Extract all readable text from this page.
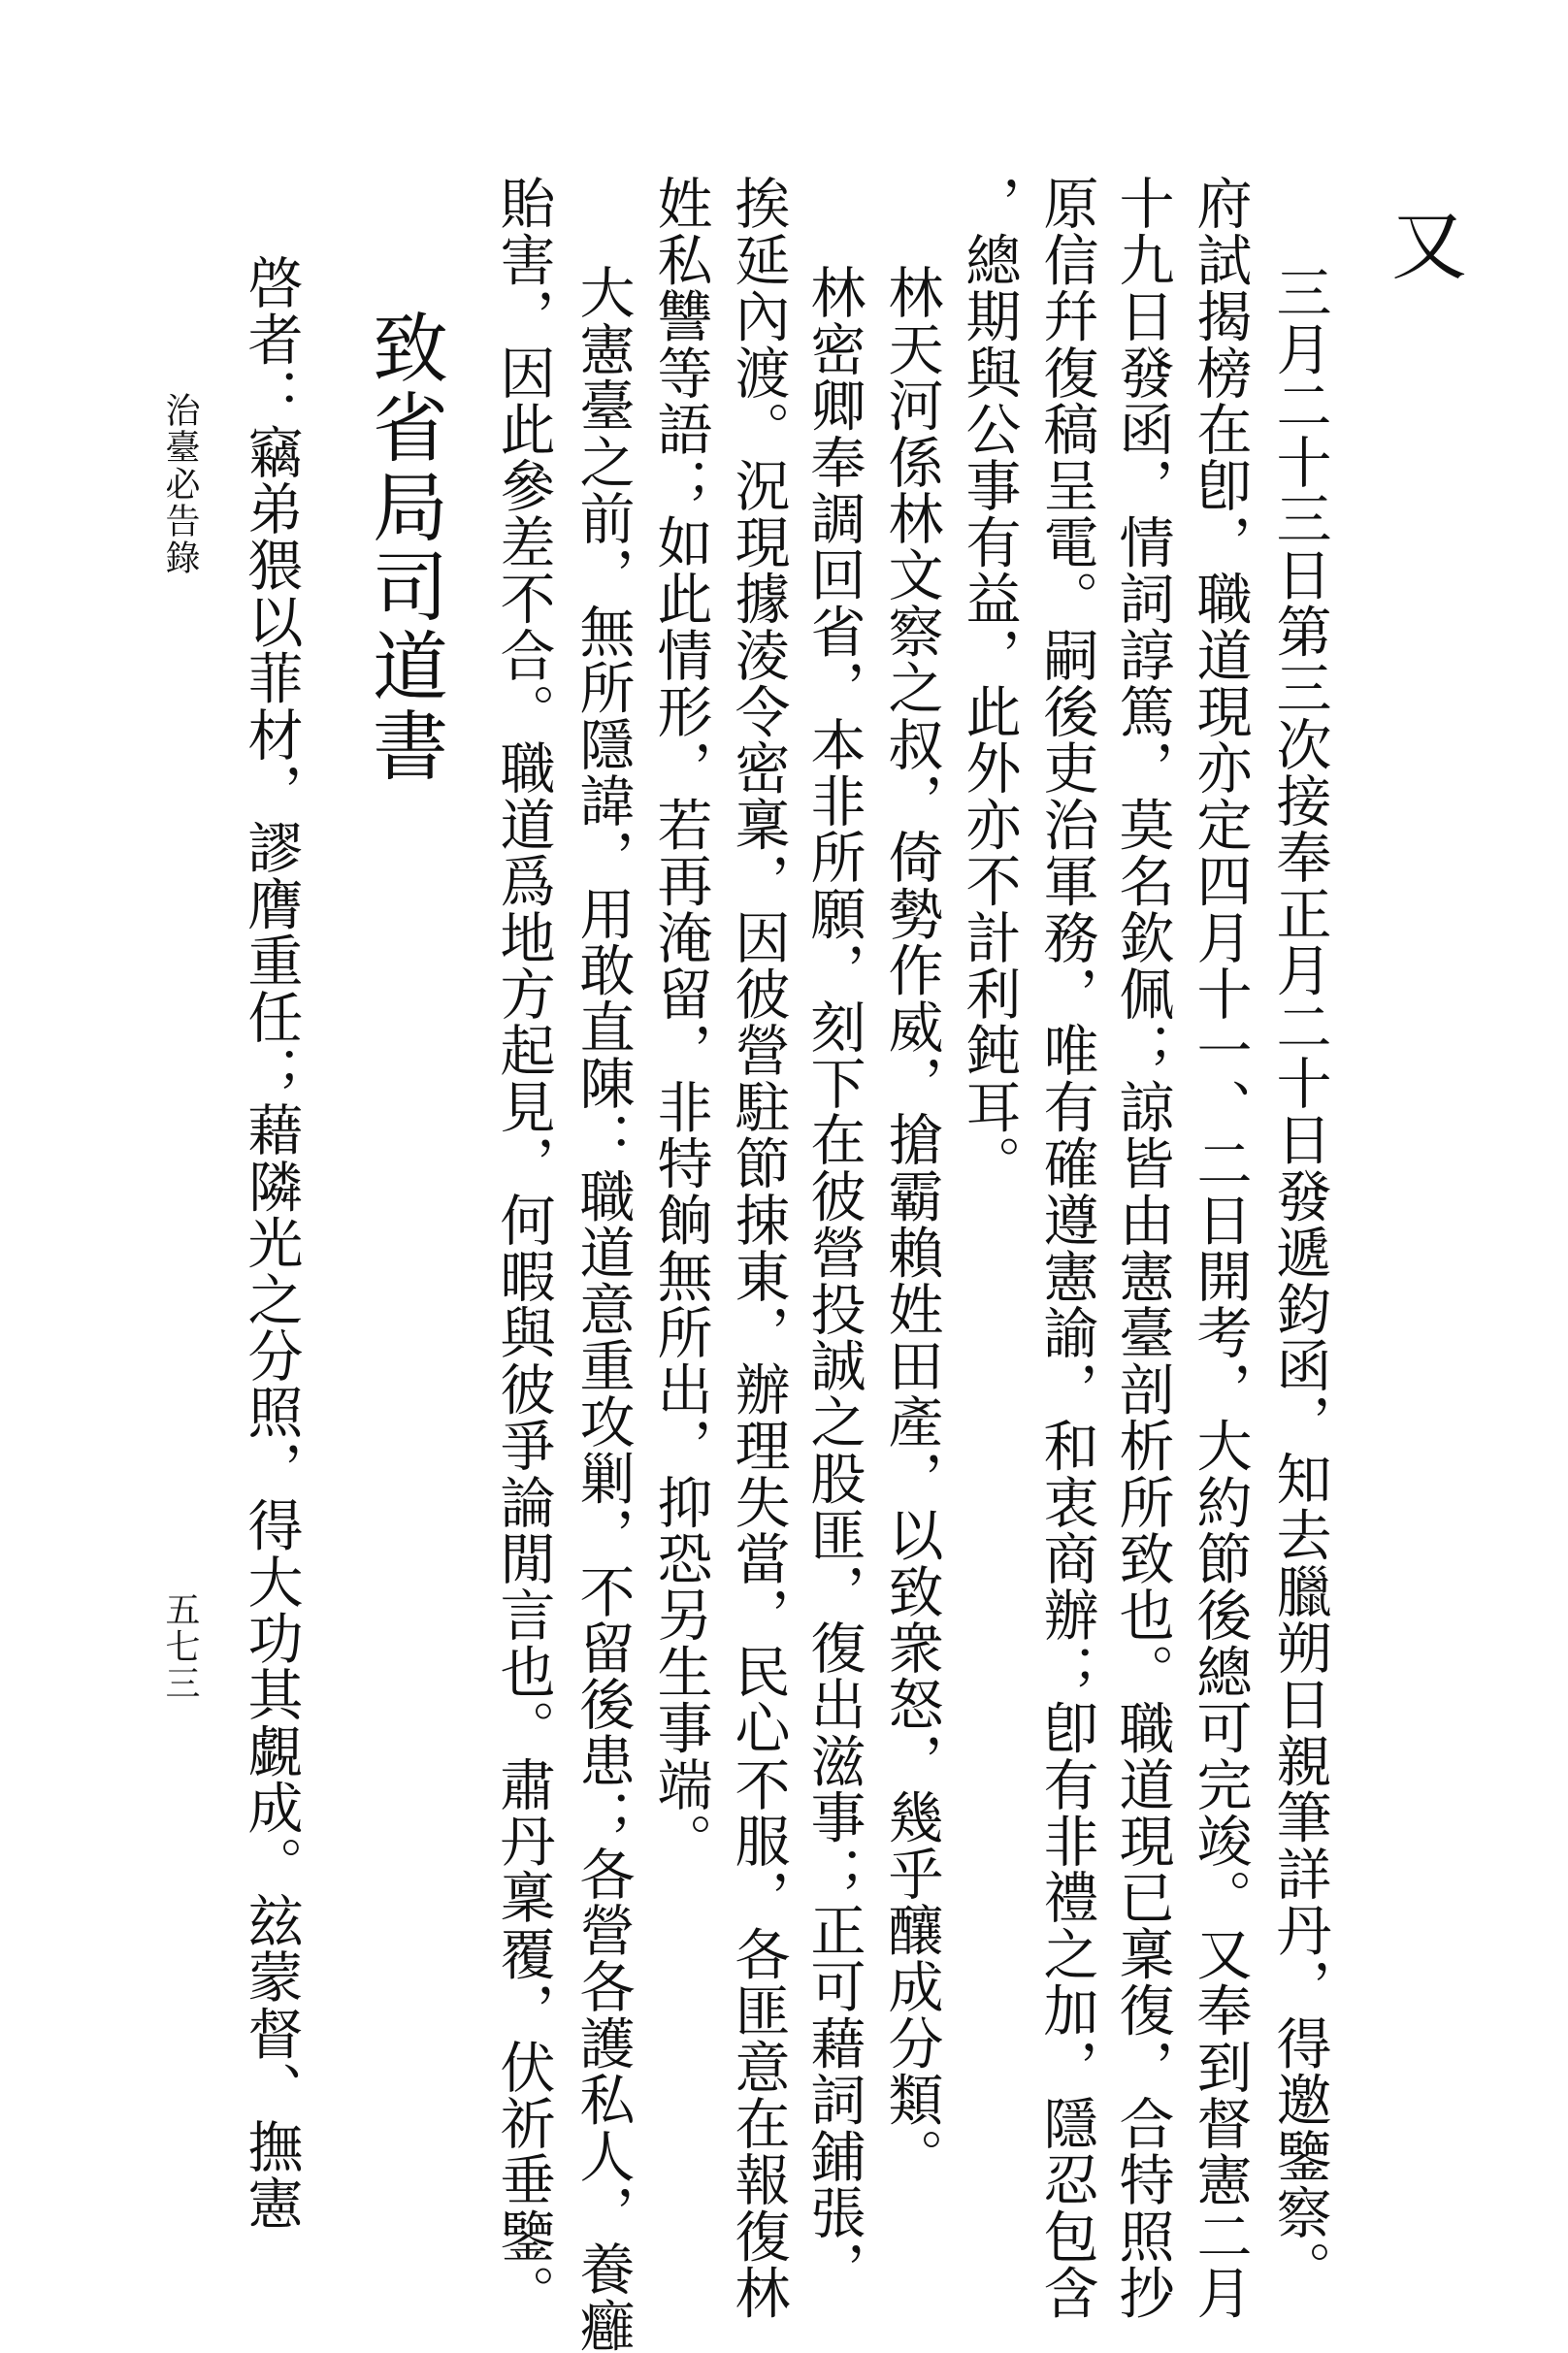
又

三月二十三日第三次接奉正月二十日發遞鈞函，知去臘朔日親筆詳丹，得邀鑒察。

府試揭榜在卽，職道現亦定四月十一、二日開考，大約節後總可完竣。又奉到督憲二月

十九日發函，情詞諄篤，莫名欽佩；諒皆由憲臺剖析所致也。職道現已稟復，合特照抄

原信幷復稿呈電。嗣後吏治軍務，唯有確遵憲諭，和衷商辦；卽有非禮之加，隱忍包含

，總期與公事有益，此外亦不計利鈍耳。

林天河係林文察之叔，倚勢作威，搶霸賴姓田產，以致衆怒，幾乎釀成分類。

林密卿奉調回省，本非所願，刻下在彼營投誠之股匪，復出滋事；正可藉詞鋪張，

挨延內渡。況現據淩令密稟，因彼營駐節捒東，辦理失當，民心不服，各匪意在報復林

姓私讐等語；如此情形，若再淹留，非特餉無所出，抑恐另生事端。

大憲臺之前，無所隱諱，用敢直陳：職道意重攻剿，不留後患；各營各護私人，養癰

貽害，因此參差不合。職道爲地方起見，何暇與彼爭論閒言也。肅丹稟覆，伏祈垂鑒。

致省局司道書

啓者：竊弟猥以菲材，謬膺重任；藉隣光之分照，得大功其覷成。玆蒙督、撫憲

治臺必告錄
五七三
